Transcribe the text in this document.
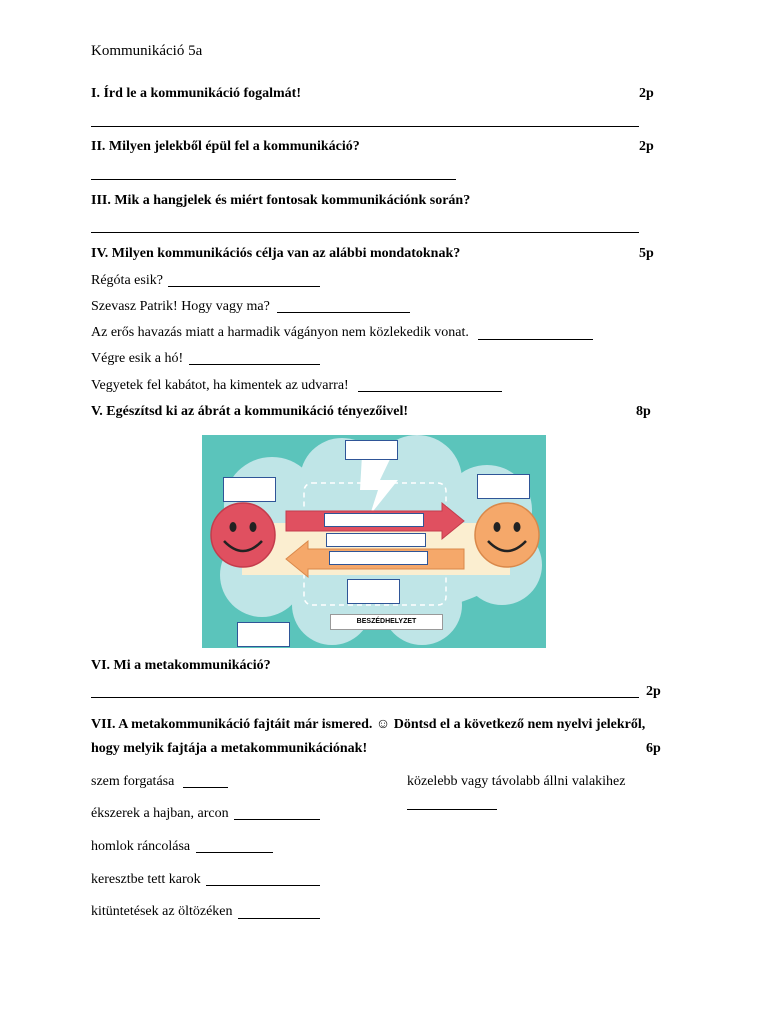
Kommunikáció 5a
I. Írd le a kommunikáció fogalmát!	2p
II. Milyen jelekből épül fel a kommunikáció?	2p
III. Mik a hangjelek és miért fontosak kommunikációnk során?
IV. Milyen kommunikációs célja van az alábbi mondatoknak?	5p
Régóta esik?
Szevasz Patrik! Hogy vagy ma?
Az erős havazás miatt a harmadik vágányon nem közlekedik vonat.
Végre esik a hó!
Vegyetek fel kabátot, ha kimentek az udvarra!
V. Egészítsd ki az ábrát a kommunikáció tényezőivel!	8p
BESZÉDHELYZET
VI. Mi a metakommunikáció?
2p
VII. A metakommunikáció fajtáit már ismered. ☺ Döntsd el a következő nem nyelvi jelekről,
hogy melyik fajtája a metakommunikációnak!	6p
szem forgatása
ékszerek a hajban, arcon
homlok ráncolása
keresztbe tett karok
kitüntetések az öltözéken
közelebb vagy távolabb állni valakihez
